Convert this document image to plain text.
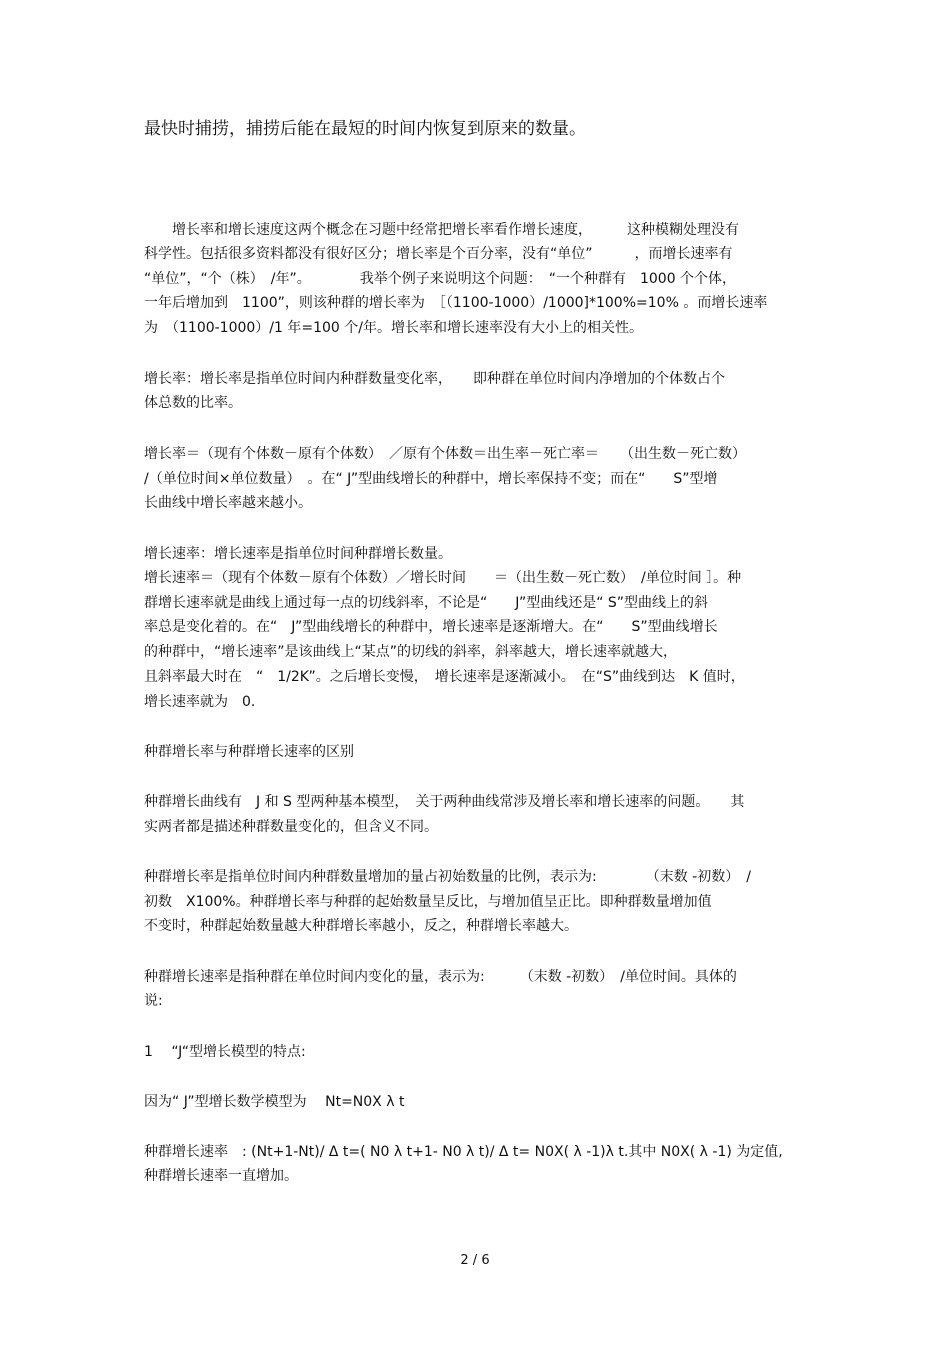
最快时捕捞，捕捞后能在最短的时间内恢复到原来的数量。
　　增长率和增长速度这两个概念在习题中经常把增长率看作增长速度，　　　这种模糊处理没有
科学性。包括很多资料都没有很好区分；增长率是个百分率，没有“单位”　　　，而增长速率有
“单位”，“个（株）　/年”。　　　　我举个例子来说明这个问题：　“一个种群有　1000 个个体，
一年后增加到　1100”，则该种群的增长率为　［（1100-1000）/1000]*100%=10% 。而增长速率
为　（1100-1000）/1 年=100 个/年。增长率和增长速率没有大小上的相关性。
增长率：增长率是指单位时间内种群数量变化率，　　即种群在单位时间内净增加的个体数占个
体总数的比率。
增长率＝（现有个体数－原有个体数）　／原有个体数＝出生率－死亡率＝　　（出生数－死亡数）
/（单位时间×单位数量）　。在“ J”型曲线增长的种群中，增长率保持不变；而在“　　S”型增
长曲线中增长率越来越小。
增长速率：增长速率是指单位时间种群增长数量。
增长速率＝（现有个体数－原有个体数）／增长时间　　＝（出生数－死亡数）　/单位时间 ］。种
群增长速率就是曲线上通过每一点的切线斜率，不论是“　　J”型曲线还是“ S”型曲线上的斜
率总是变化着的。在“　J”型曲线增长的种群中，增长速率是逐渐增大。在“　　S”型曲线增长
的种群中，“增长速率”是该曲线上“某点”的切线的斜率，斜率越大，增长速率就越大，
且斜率最大时在　“　1/2K”。之后增长变慢，　增长速率是逐渐减小。　在“S”曲线到达　K 值时，
增长速率就为　0.
种群增长率与种群增长速率的区别
种群增长曲线有　J 和 S 型两种基本模型，　关于两种曲线常涉及增长率和增长速率的问题。　　其
实两者都是描述种群数量变化的，但含义不同。
种群增长率是指单位时间内种群数量增加的量占初始数量的比例，表示为:　　　　（末数 -初数）　/
初数　X100%。种群增长率与种群的起始数量呈反比，与增加值呈正比。即种群数量增加值
不变时，种群起始数量越大种群增长率越小，反之，种群增长率越大。
种群增长速率是指种群在单位时间内变化的量，表示为:　　　（末数 -初数）　/单位时间。具体的
说:
1　 “J“型增长模型的特点:
因为“ J”型增长数学模型为　 Nt=N0X λ t
种群增长速率　: (Nt+1-Nt)/ Δ t=( N0 λ t+1- N0 λ t)/ Δ t= N0X( λ -1)λ t.其中 N0X( λ -1) 为定值,
种群增长速率一直增加。
2 / 6
